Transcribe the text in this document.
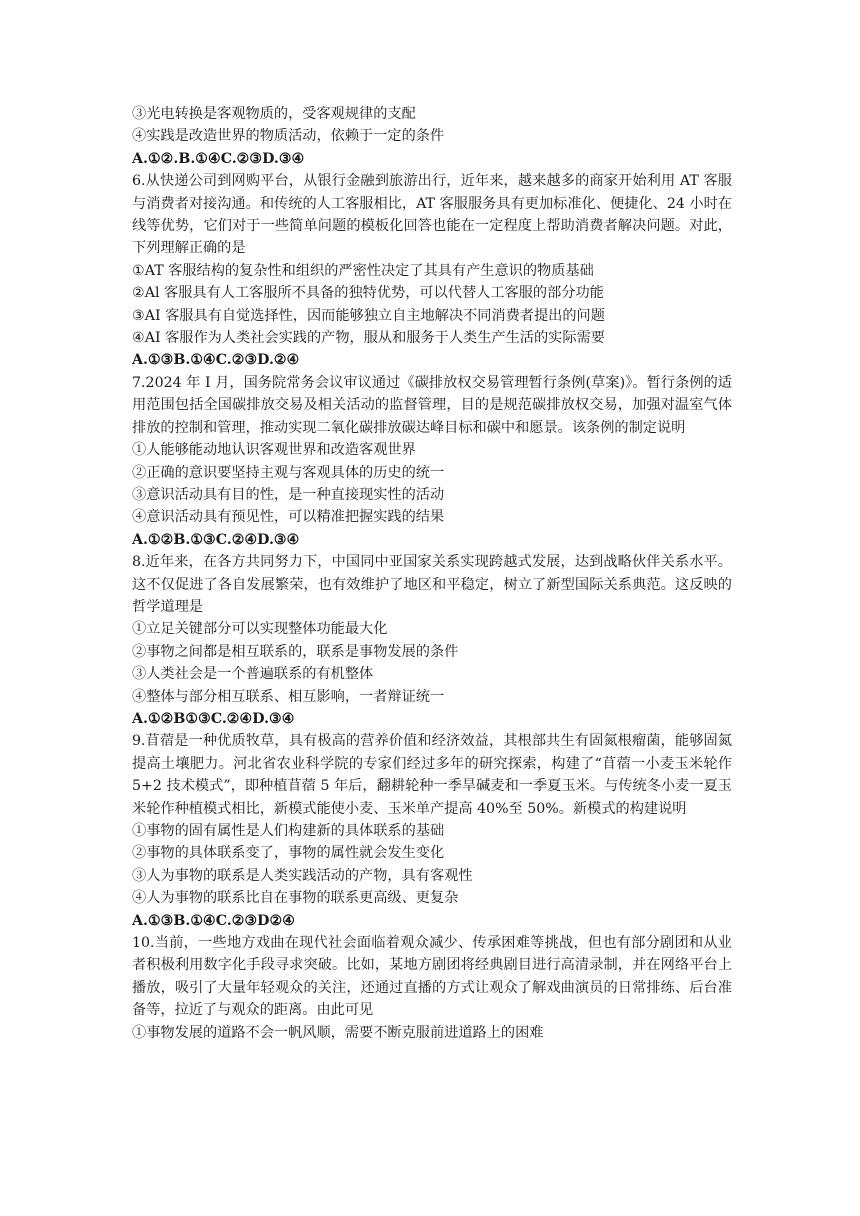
③光电转换是客观物质的，受客观规律的支配
④实践是改造世界的物质活动，依赖于一定的条件
A.①②.B.①④C.②③D.③④
6.从快递公司到网购平台，从银行金融到旅游出行，近年来，越来越多的商家开始利用 AT 客服与消费者对接沟通。和传统的人工客服相比，AT 客服服务具有更加标准化、便捷化、24 小时在线等优势，它们对于一些简单问题的模板化回答也能在一定程度上帮助消费者解决问题。对此，下列理解正确的是
①AT 客服结构的复杂性和组织的严密性决定了其具有产生意识的物质基础
②Al 客服具有人工客服所不具备的独特优势，可以代替人工客服的部分功能
③AI 客服具有自觉选择性，因而能够独立自主地解决不同消费者提出的问题
④AI 客服作为人类社会实践的产物，服从和服务于人类生产生活的实际需要
A.①③B.①④C.②③D.②④
7.2024 年 I 月，国务院常务会议审议通过《碳排放权交易管理暂行条例(草案)》。暂行条例的适用范围包括全国碳排放交易及相关活动的监督管理，目的是规范碳排放权交易，加强对温室气体排放的控制和管理，推动实现二氧化碳排放碳达峰目标和碳中和愿景。该条例的制定说明
①人能够能动地认识客观世界和改造客观世界
②正确的意识要坚持主观与客观具体的历史的统一
③意识活动具有目的性，是一种直接现实性的活动
④意识活动具有预见性，可以精准把握实践的结果
A.①②B.①③C.②④D.③④
8.近年来，在各方共同努力下，中国同中亚国家关系实现跨越式发展，达到战略伙伴关系水平。这不仅促进了各自发展繁荣，也有效维护了地区和平稳定，树立了新型国际关系典范。这反映的哲学道理是
①立足关键部分可以实现整体功能最大化
②事物之间都是相互联系的，联系是事物发展的条件
③人类社会是一个普遍联系的有机整体
④整体与部分相互联系、相互影响，一者辩证统一
A.①②B①③C.②④D.③④
9.苜蓿是一种优质牧草，具有极高的营养价值和经济效益，其根部共生有固氮根瘤菌，能够固氮提高土壤肥力。河北省农业科学院的专家们经过多年的研究探索，构建了“苜蓿一小麦玉米轮作 5+2 技术模式”，即种植苜蓿 5 年后，翻耕轮种一季旱碱麦和一季夏玉米。与传统冬小麦一夏玉米轮作种植模式相比，新模式能使小麦、玉米单产提高 40%至 50%。新模式的构建说明
①事物的固有属性是人们构建新的具体联系的基础
②事物的具体联系变了，事物的属性就会发生变化
③人为事物的联系是人类实践活动的产物，具有客观性
④人为事物的联系比自在事物的联系更高级、更复杂
A.①③B.①④C.②③D②④
10.当前，一些地方戏曲在现代社会面临着观众减少、传承困难等挑战，但也有部分剧团和从业者积极利用数字化手段寻求突破。比如，某地方剧团将经典剧目进行高清录制，并在网络平台上播放，吸引了大量年轻观众的关注，还通过直播的方式让观众了解戏曲演员的日常排练、后台准备等，拉近了与观众的距离。由此可见
①事物发展的道路不会一帆风顺，需要不断克服前进道路上的困难
